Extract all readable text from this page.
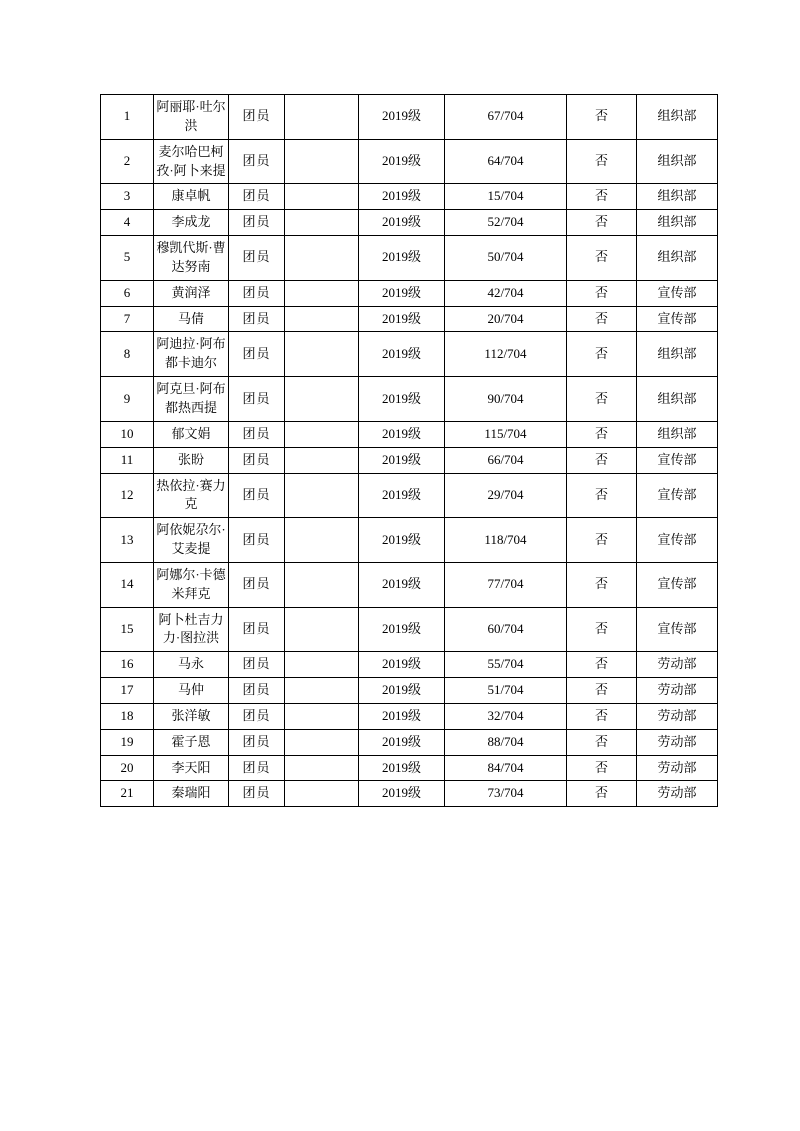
1	阿丽耶·吐尔洪	团员		2019级	67/704	否	组织部
2	麦尔哈巴柯孜·阿卜来提	团员		2019级	64/704	否	组织部
3	康卓帆	团员		2019级	15/704	否	组织部
4	李成龙	团员		2019级	52/704	否	组织部
5	穆凯代斯·曹达努南	团员		2019级	50/704	否	组织部
6	黄润泽	团员		2019级	42/704	否	宣传部
7	马倩	团员		2019级	20/704	否	宣传部
8	阿迪拉·阿布都卡迪尔	团员		2019级	112/704	否	组织部
9	阿克旦·阿布都热西提	团员		2019级	90/704	否	组织部
10	郁文娟	团员		2019级	115/704	否	组织部
11	张盼	团员		2019级	66/704	否	宣传部
12	热依拉·赛力克	团员		2019级	29/704	否	宣传部
13	阿依妮尕尔·艾麦提	团员		2019级	118/704	否	宣传部
14	阿娜尔·卡德米拜克	团员		2019级	77/704	否	宣传部
15	阿卜杜吉力力·图拉洪	团员		2019级	60/704	否	宣传部
16	马永	团员		2019级	55/704	否	劳动部
17	马仲	团员		2019级	51/704	否	劳动部
18	张洋敏	团员		2019级	32/704	否	劳动部
19	霍子恩	团员		2019级	88/704	否	劳动部
20	李天阳	团员		2019级	84/704	否	劳动部
21	秦瑞阳	团员		2019级	73/704	否	劳动部
